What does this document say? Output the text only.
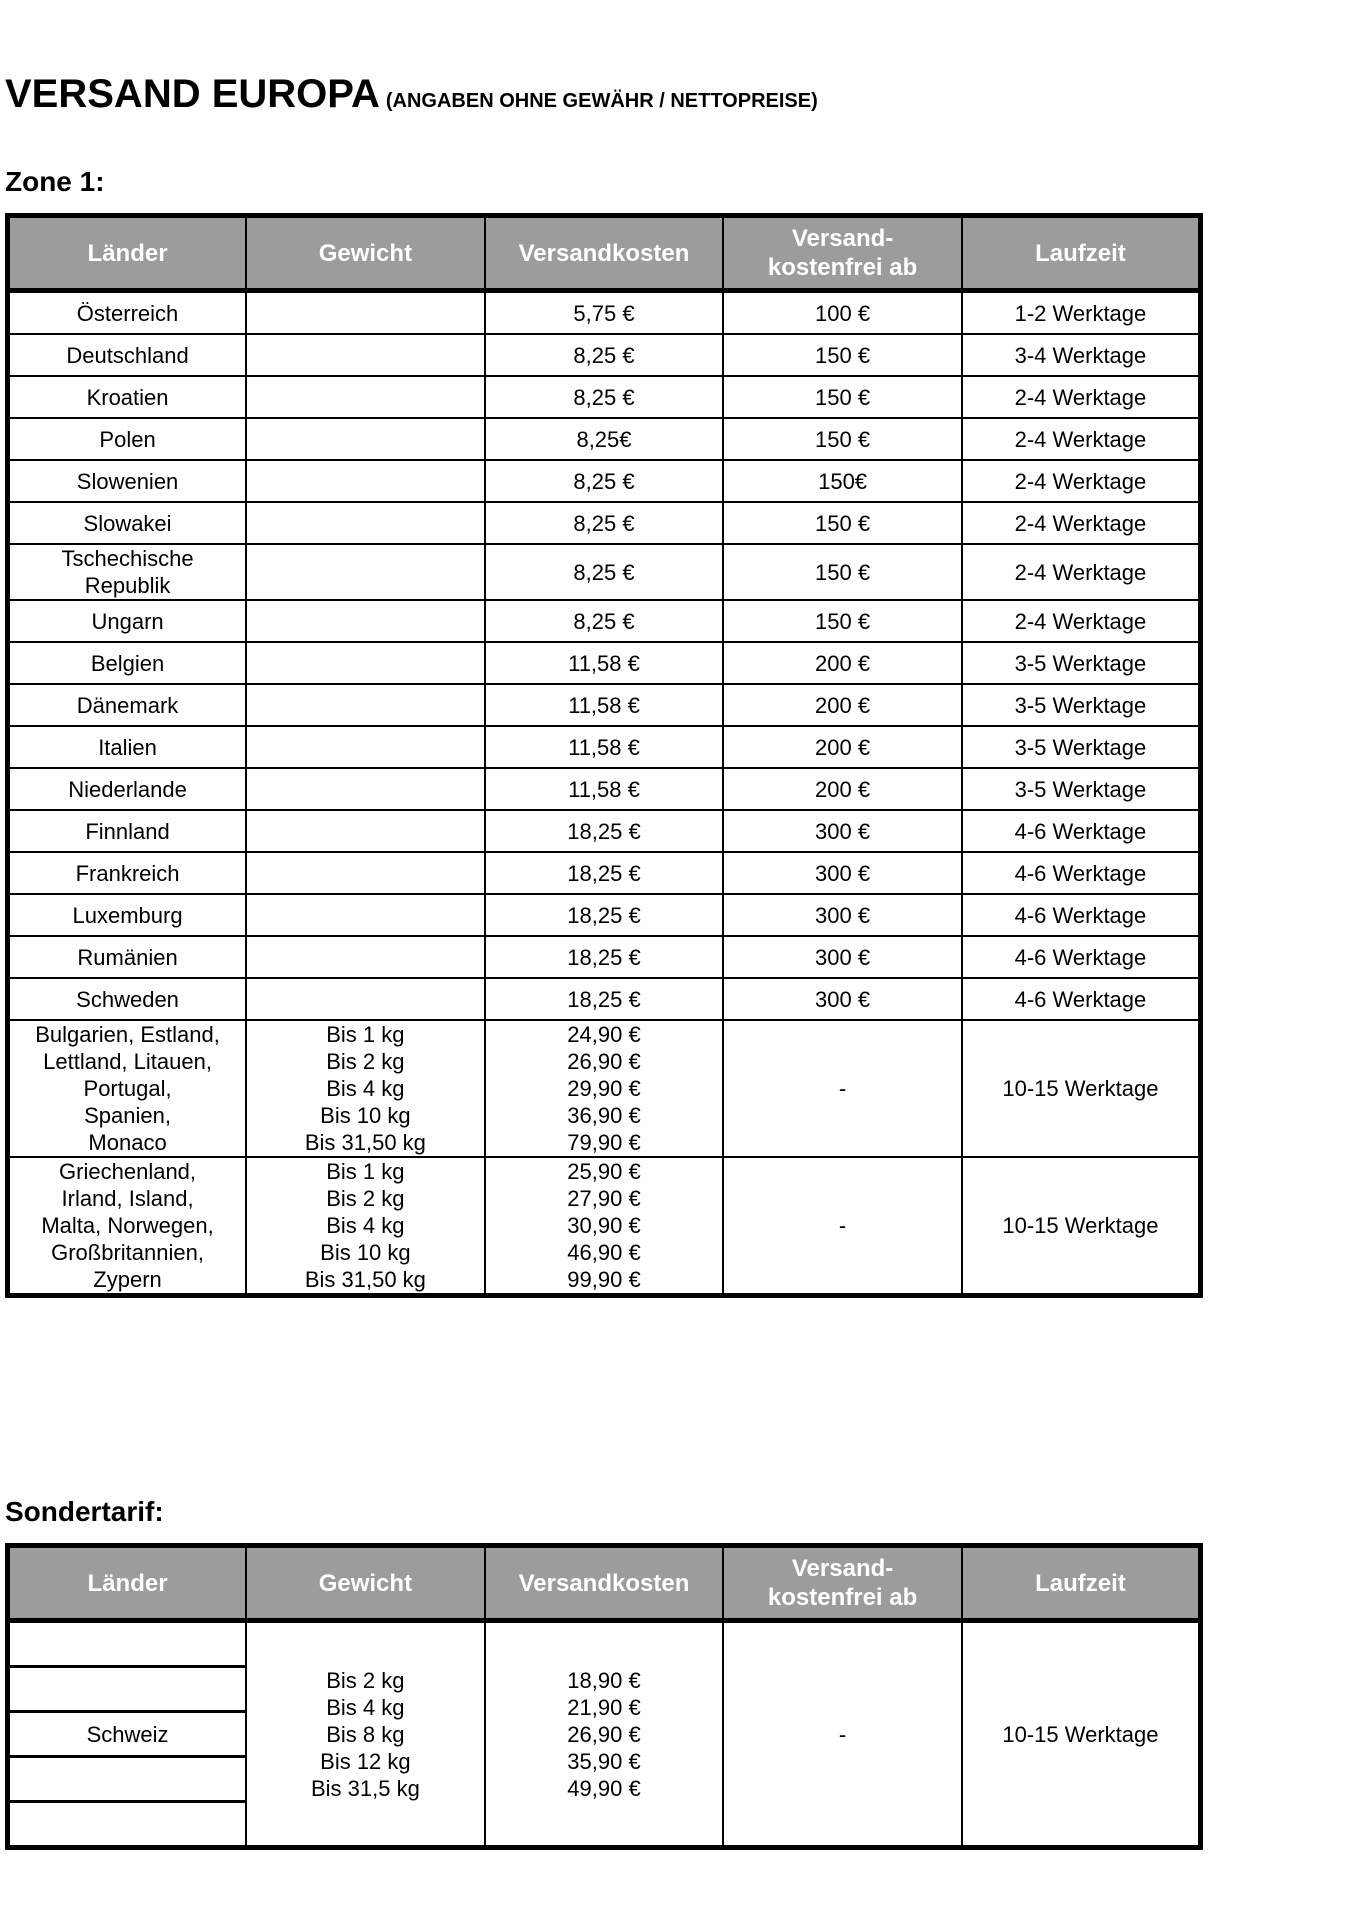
VERSAND EUROPA (ANGABEN OHNE GEWÄHR / NETTOPREISE)
Zone 1:
Länder	Gewicht	Versandkosten	Versand-
kostenfrei ab	Laufzeit
Österreich		5,75 €	100 €	1-2 Werktage
Deutschland		8,25 €	150 €	3-4 Werktage
Kroatien		8,25 €	150 €	2-4 Werktage
Polen		8,25€	150 €	2-4 Werktage
Slowenien		8,25 €	150€	2-4 Werktage
Slowakei		8,25 €	150 €	2-4 Werktage
Tschechische
Republik		8,25 €	150 €	2-4 Werktage
Ungarn		8,25 €	150 €	2-4 Werktage
Belgien		11,58 €	200 €	3-5 Werktage
Dänemark		11,58 €	200 €	3-5 Werktage
Italien		11,58 €	200 €	3-5 Werktage
Niederlande		11,58 €	200 €	3-5 Werktage
Finnland		18,25 €	300 €	4-6 Werktage
Frankreich		18,25 €	300 €	4-6 Werktage
Luxemburg		18,25 €	300 €	4-6 Werktage
Rumänien		18,25 €	300 €	4-6 Werktage
Schweden		18,25 €	300 €	4-6 Werktage

Bulgarien, Estland,
Lettland, Litauen,
Portugal,
Spanien,
Monaco	Bis 1 kg
Bis 2 kg
Bis 4 kg
Bis 10 kg
Bis 31,50 kg	24,90 €
26,90 €
29,90 €
36,90 €
79,90 €	-	10-15 Werktage

Griechenland,
Irland, Island,
Malta, Norwegen,
Großbritannien,
Zypern	Bis 1 kg
Bis 2 kg
Bis 4 kg
Bis 10 kg
Bis 31,50 kg	25,90 €
27,90 €
30,90 €
46,90 €
99,90 €	-	10-15 Werktage
Sondertarif:
Länder	Gewicht	Versandkosten	Versand-
kostenfrei ab	Laufzeit

Schweiz	Bis 2 kg
Bis 4 kg
Bis 8 kg
Bis 12 kg
Bis 31,5 kg	18,90 €
21,90 €
26,90 €
35,90 €
49,90 €	-	10-15 Werktage
